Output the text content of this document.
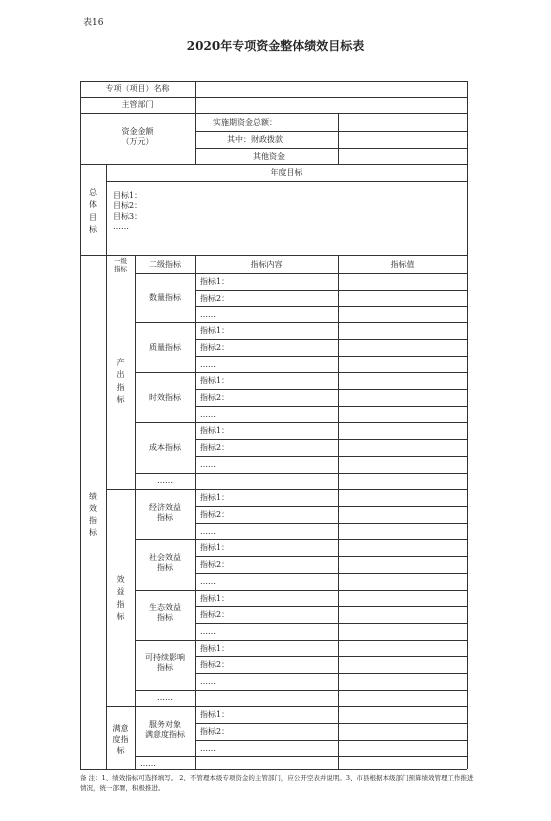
表16
2020年专项资金整体绩效目标表
专项（项目）名称
主管部门
资金金额
（万元）
实施期资金总额：
其中：财政拨款
其他资金
总
体
目
标
年度目标
目标1：
目标2：
目标3：
……
绩
效
指
标
一级
指标
二级指标	指标内容	指标值
产
出
指
标
效
益
指
标
满意
度指
标
数量指标
质量指标
时效指标
成本指标
……
经济效益
指标
社会效益
指标
生态效益
指标
可持续影响
指标
……
服务对象
满意度指标
指标1：
指标2：
……
指标1：
指标2：
……
指标1：
指标2：
……
指标1：
指标2：
……
指标1：
指标2：
……
指标1：
指标2：
……
指标1：
指标2：
……
指标1：
指标2：
……
指标1：
指标2：
……
……
备 注：1、绩效指标可选择填写。 2、不管理本级专项资金的主管部门，应公开空表并说明。3、市县根据本级部门预算绩效管理工作推进情况，统一部署，积极推进。
